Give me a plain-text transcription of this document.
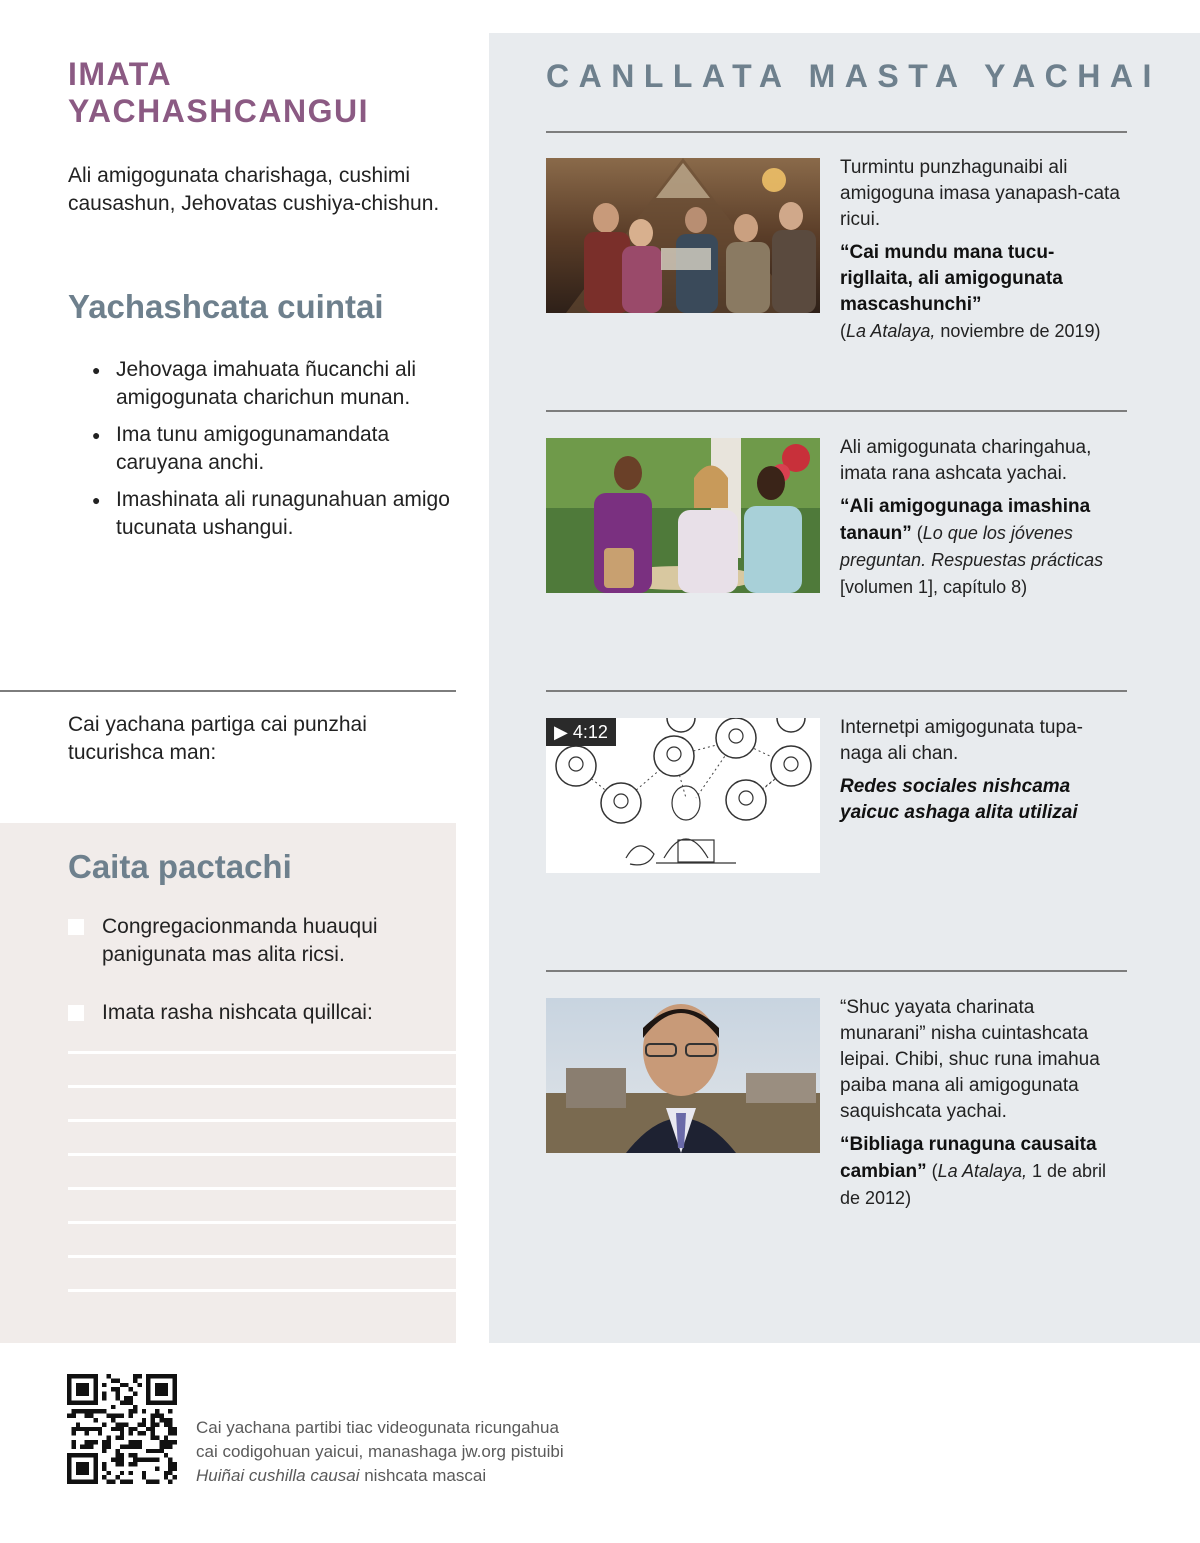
IMATA YACHASHCANGUI

Ali amigogunata charishaga, cushimi causashun, Jehovatas cushiya-chishun.

Yachashcata cuintai
● Jehovaga imahuata ñucanchi ali amigogunata charichun munan.
● Ima tunu amigogunamandata caruyana anchi.
● Imashinata ali runagunahuan amigo tucunata ushangui.

Cai yachana partiga cai punzhai tucurishca man:

Caita pactachi
Congregacionmanda huauqui panigunata mas alita ricsi.
Imata rasha nishcata quillcai:
CANLLATA MASTA YACHAI

Turmintu punzhagunaibi ali amigoguna imasa yanapash-cata ricui.

“Cai mundu mana tucu-rigllaita, ali amigogunata mascashunchi”
(La Atalaya, noviembre de 2019)

Ali amigogunata charingahua, imata rana ashcata yachai.

“Ali amigogunaga imashina tanaun” (Lo que los jóvenes preguntan. Respuestas prácticas [volumen 1], capítulo 8)

▶ 4:12	Internetpi amigogunata tupa-naga ali chan.

Redes sociales nishcama yaicuc ashaga alita utilizai

“Shuc yayata charinata munarani” nisha cuintashcata leipai. Chibi, shuc runa imahua paiba mana ali amigogunata saquishcata yachai.

“Bibliaga runaguna causaita cambian” (La Atalaya, 1 de abril de 2012)

Cai yachana partibi tiac videogunata ricungahua
cai codigohuan yaicui, manashaga jw.org pistuibi
Huiñai cushilla causai nishcata mascai
